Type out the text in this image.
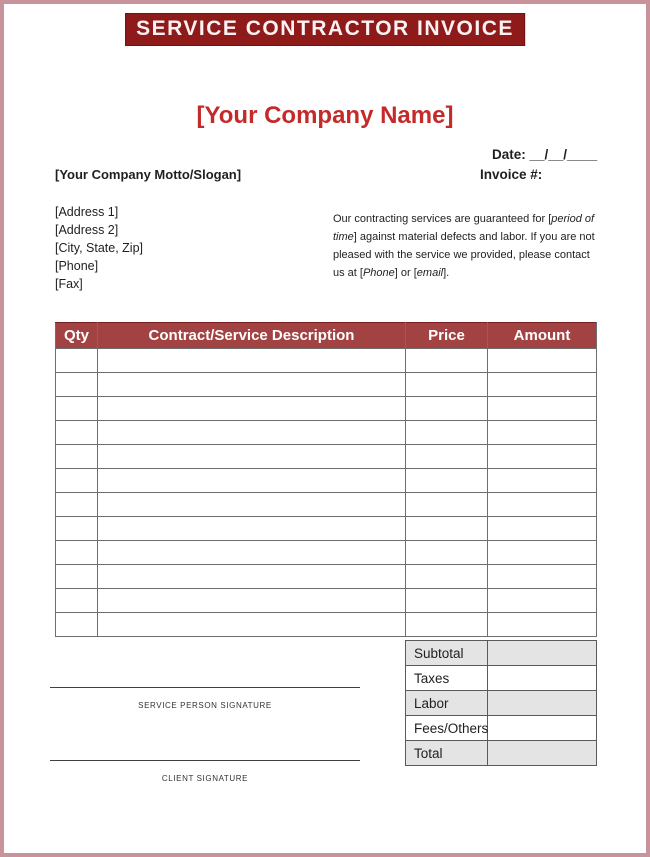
SERVICE CONTRACTOR INVOICE
[Your Company Name]
Date: __/__/____
Invoice #:
[Your Company Motto/Slogan]
[Address 1]
[Address 2]
[City, State, Zip]
[Phone]
[Fax]
Our contracting services are guaranteed for [period of time] against material defects and labor. If you are not pleased with the service we provided, please contact us at [Phone] or [email].
Qty	Contract/Service Description	Price	Amount

Subtotal	
Taxes	
Labor	
Fees/Others	
Total	
SERVICE PERSON SIGNATURE
CLIENT SIGNATURE
